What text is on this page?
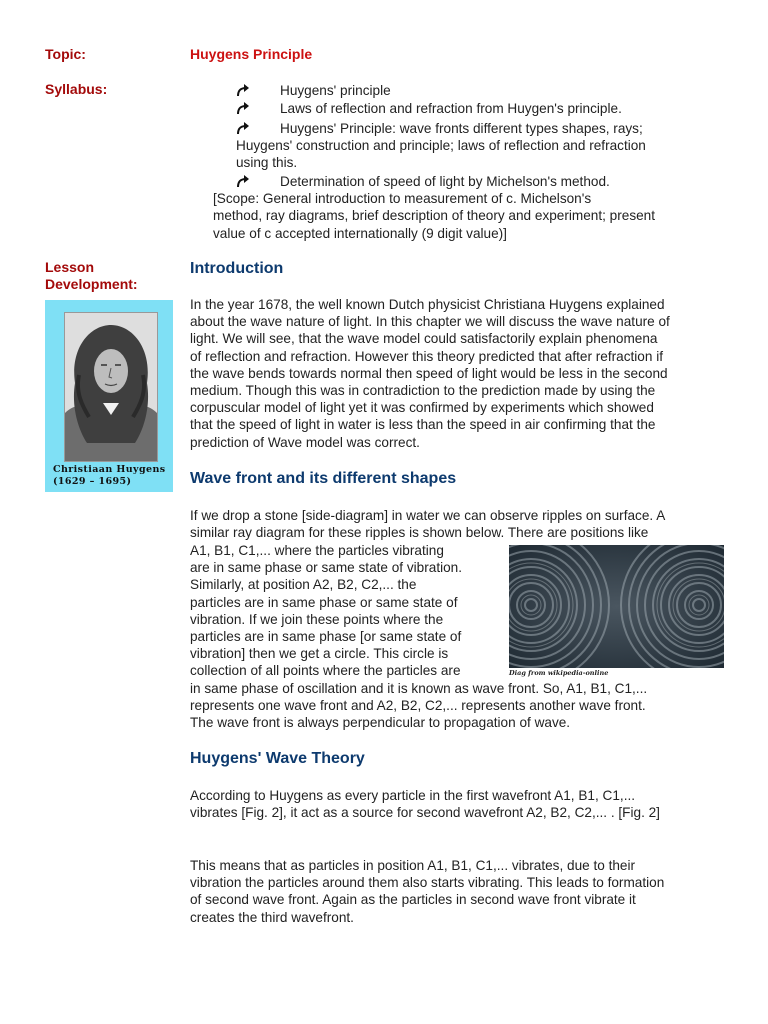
Topic:	Huygens Principle
Syllabus:	Huygens' principle
Laws of reflection and refraction from Huygen's principle.
Huygens' Principle: wave fronts different types shapes, rays;
Huygens' construction and principle; laws of reflection and refraction
using this.
Determination of speed of light by Michelson's method.
[Scope: General introduction to measurement of c. Michelson's
method, ray diagrams, brief description of theory and experiment; present
value of c accepted internationally (9 digit value)]
Lesson
Development:
Christiaan Huygens
(1629 – 1695)
Introduction
In the year 1678, the well known Dutch physicist Christiana Huygens explained
about the wave nature of light. In this chapter we will discuss the wave nature of
light. We will see, that the wave model could satisfactorily explain phenomena
of reflection and refraction. However this theory predicted that after refraction if
the wave bends towards normal then speed of light would be less in the second
medium. Though this was in contradiction to the prediction made by using the
corpuscular model of light yet it was confirmed by experiments which showed
that the speed of light in water is less than the speed in air confirming that the
prediction of Wave model was correct.
Wave front and its different shapes
If we drop a stone [side-diagram] in water we can observe ripples on surface. A
similar ray diagram for these ripples is shown below. There are positions like
A1, B1, C1,... where the particles vibrating
are in same phase or same state of vibration.
Similarly, at position A2, B2, C2,... the
particles are in same phase or same state of
vibration. If we join these points where the
particles are in same phase [or same state of
vibration] then we get a circle. This circle is
collection of all points where the particles are
in same phase of oscillation and it is known as wave front. So, A1, B1, C1,...
represents one wave front and A2, B2, C2,... represents another wave front.
The wave front is always perpendicular to propagation of wave.
Diag from wikipedia-online
Huygens' Wave Theory
According to Huygens as every particle in the first wavefront A1, B1, C1,...
vibrates [Fig. 2], it act as a source for second wavefront A2, B2, C2,... . [Fig. 2]
This means that as particles in position A1, B1, C1,... vibrates, due to their
vibration the particles around them also starts vibrating. This leads to formation
of second wave front. Again as the particles in second wave front vibrate it
creates the third wavefront.
